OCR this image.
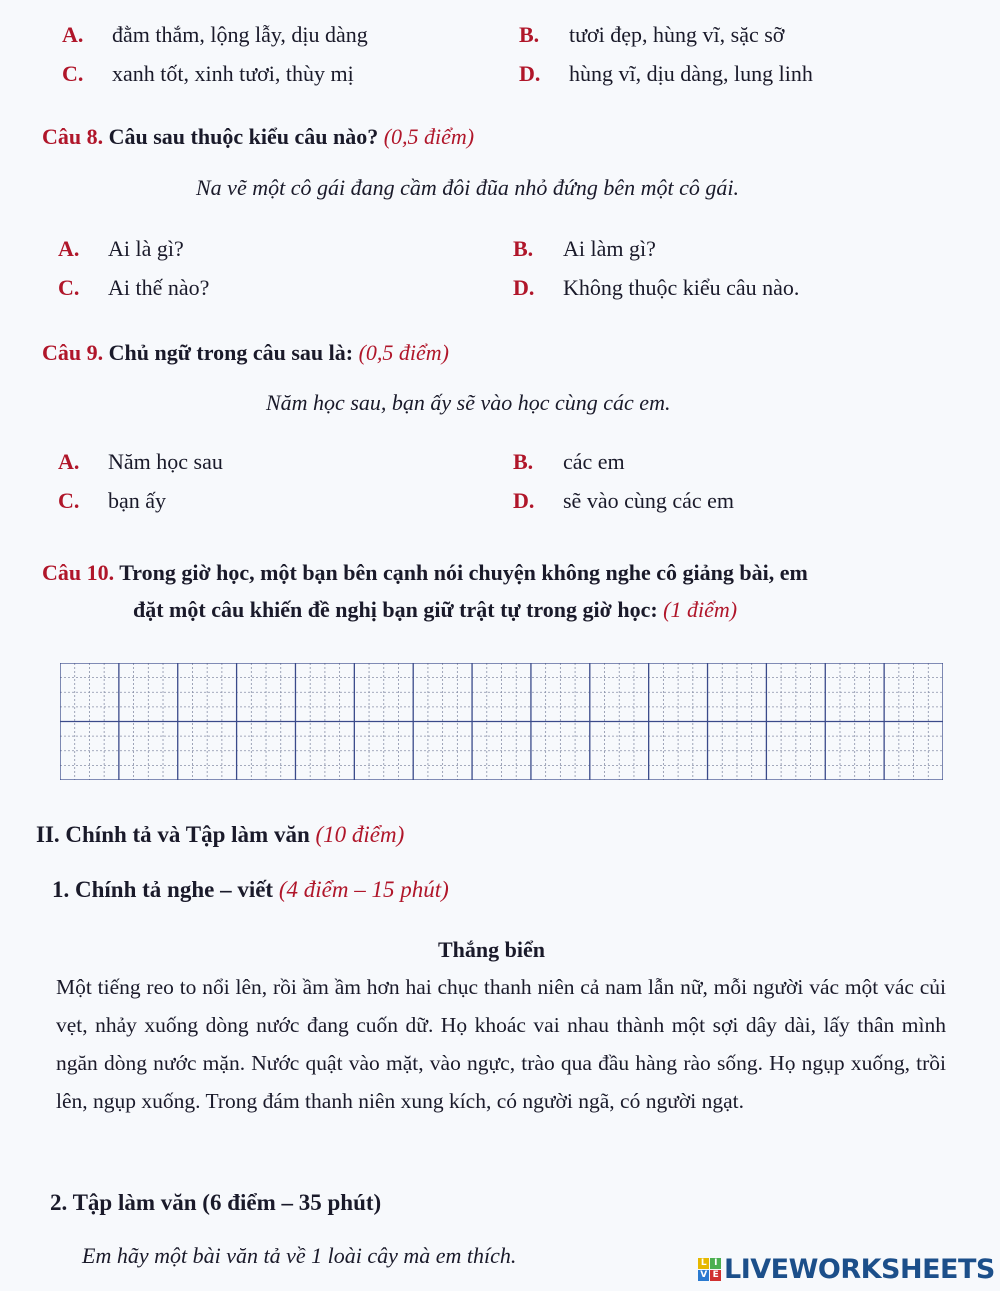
A. đằm thắm, lộng lẫy, dịu dàng	B. tươi đẹp, hùng vĩ, sặc sỡ
C. xanh tốt, xinh tươi, thùy mị	D. hùng vĩ, dịu dàng, lung linh
Câu 8. Câu sau thuộc kiểu câu nào? (0,5 điểm)
Na vẽ một cô gái đang cầm đôi đũa nhỏ đứng bên một cô gái.
A. Ai là gì?	B. Ai làm gì?
C. Ai thế nào?	D. Không thuộc kiểu câu nào.
Câu 9. Chủ ngữ trong câu sau là: (0,5 điểm)
Năm học sau, bạn ấy sẽ vào học cùng các em.
A. Năm học sau	B. các em
C. bạn ấy	D. sẽ vào cùng các em
Câu 10. Trong giờ học, một bạn bên cạnh nói chuyện không nghe cô giảng bài, em
đặt một câu khiến đề nghị bạn giữ trật tự trong giờ học: (1 điểm)
II. Chính tả và Tập làm văn (10 điểm)
1. Chính tả nghe – viết (4 điểm – 15 phút)
Thắng biển
Một tiếng reo to nổi lên, rồi ầm ầm hơn hai chục thanh niên cả nam lẫn nữ, mỗi người vác một vác củi vẹt, nhảy xuống dòng nước đang cuốn dữ. Họ khoác vai nhau thành một sợi dây dài, lấy thân mình ngăn dòng nước mặn. Nước quật vào mặt, vào ngực, trào qua đầu hàng rào sống. Họ ngụp xuống, trồi lên, ngụp xuống. Trong đám thanh niên xung kích, có người ngã, có người ngạt.
2. Tập làm văn (6 điểm – 35 phút)
Em hãy một bài văn tả về 1 loài cây mà em thích.	L I
V E LIVEWORKSHEETS
